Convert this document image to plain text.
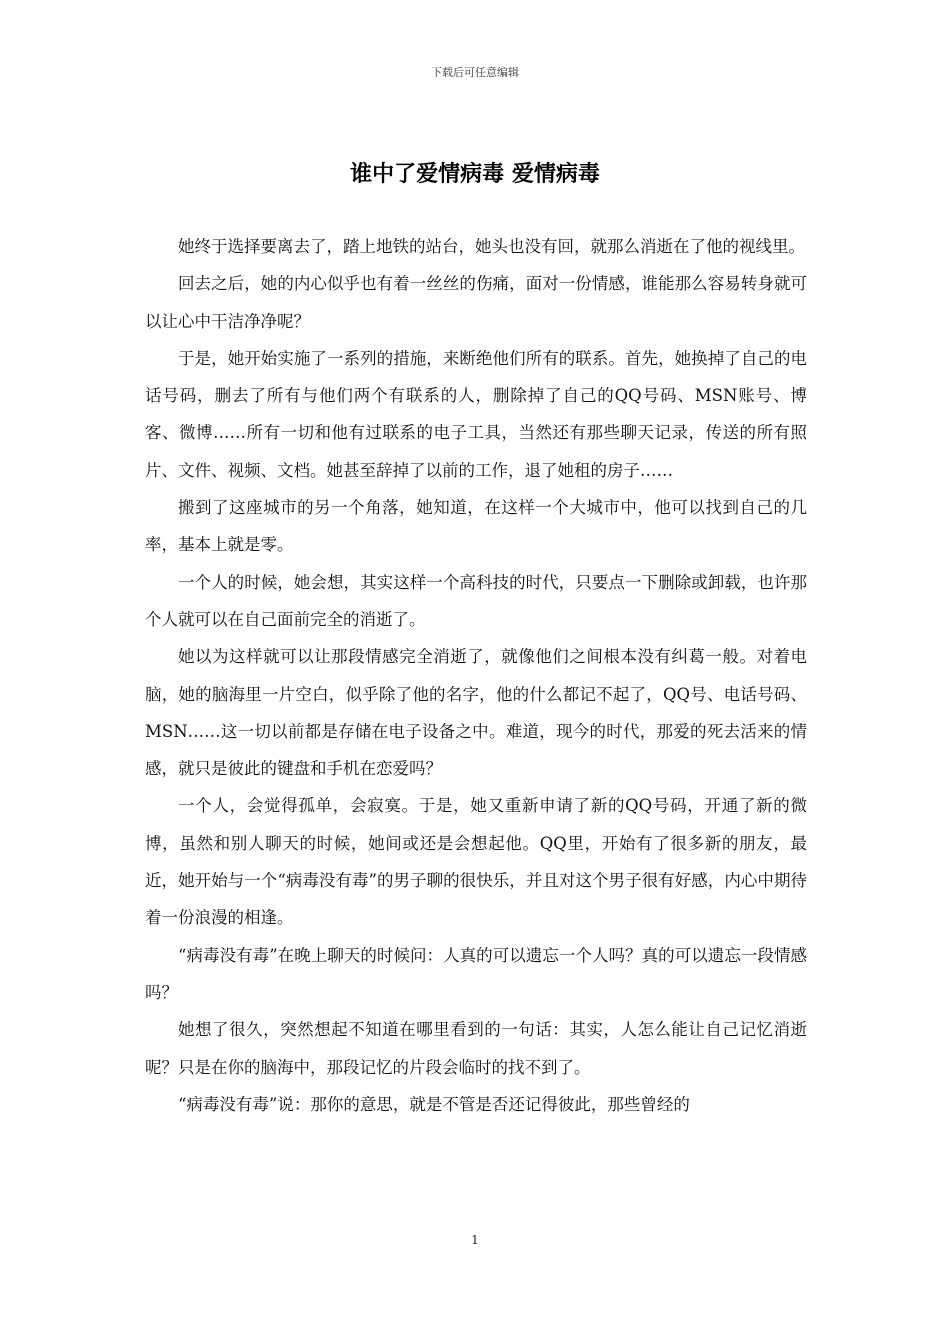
下载后可任意编辑
谁中了爱情病毒 爱情病毒

她终于选择要离去了，踏上地铁的站台，她头也没有回，就那么消逝在了他的视线里。

回去之后，她的内心似乎也有着一丝丝的伤痛，面对一份情感，谁能那么容易转身就可以让心中干洁净净呢？

于是，她开始实施了一系列的措施，来断绝他们所有的联系。首先，她换掉了自己的电话号码，删去了所有与他们两个有联系的人，删除掉了自己的QQ号码、MSN账号、博客、微博……所有一切和他有过联系的电子工具，当然还有那些聊天记录，传送的所有照片、文件、视频、文档。她甚至辞掉了以前的工作，退了她租的房子……

搬到了这座城市的另一个角落，她知道，在这样一个大城市中，他可以找到自己的几率，基本上就是零。

一个人的时候，她会想，其实这样一个高科技的时代，只要点一下删除或卸载，也许那个人就可以在自己面前完全的消逝了。

她以为这样就可以让那段情感完全消逝了，就像他们之间根本没有纠葛一般。对着电脑，她的脑海里一片空白，似乎除了他的名字，他的什么都记不起了，QQ号、电话号码、MSN……这一切以前都是存储在电子设备之中。难道，现今的时代，那爱的死去活来的情感，就只是彼此的键盘和手机在恋爱吗？

一个人，会觉得孤单，会寂寞。于是，她又重新申请了新的QQ号码，开通了新的微博，虽然和别人聊天的时候，她间或还是会想起他。QQ里，开始有了很多新的朋友，最近，她开始与一个“病毒没有毒”的男子聊的很快乐，并且对这个男子很有好感，内心中期待着一份浪漫的相逢。

“病毒没有毒”在晚上聊天的时候问：人真的可以遗忘一个人吗？真的可以遗忘一段情感吗？

她想了很久，突然想起不知道在哪里看到的一句话：其实，人怎么能让自己记忆消逝呢？只是在你的脑海中，那段记忆的片段会临时的找不到了。

“病毒没有毒”说：那你的意思，就是不管是否还记得彼此，那些曾经的

1
